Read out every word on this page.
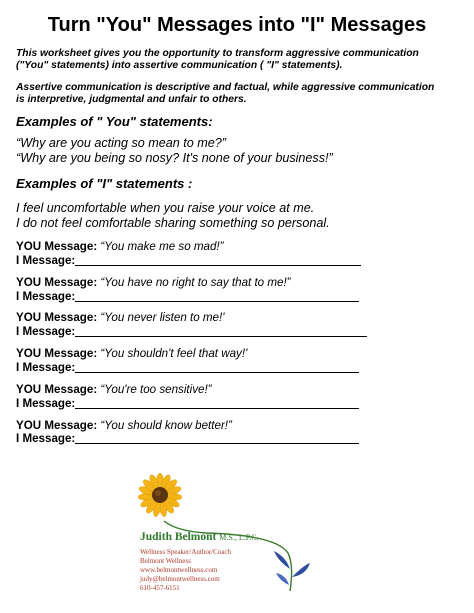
Turn "You" Messages into "I" Messages
This worksheet gives you the opportunity to transform aggressive communication
("You" statements) into assertive communication ( "I" statements).
Assertive communication is descriptive and factual, while aggressive communication
is interpretive, judgmental and unfair to others.
Examples of " You" statements:
“Why are you acting so mean to me?”
“Why are you being so nosy? It's none of your business!”
Examples of "I" statements :
I feel uncomfortable when you raise your voice at me.
I do not feel comfortable sharing something so personal.
YOU Message: “You make me so mad!”
I Message:
YOU Message: “You have no right to say that to me!”
I Message:
YOU Message: “You never listen to me!'
I Message:
YOU Message: “You shouldn't feel that way!'
I Message:
YOU Message: “You're too sensitive!”
I Message:
YOU Message: “You should know better!”
I Message:
Judith Belmont M.S., L.P.C.
Wellness Speaker/Author/Coach
Belmont Wellness
www.belmontwellness.com
judy@belmontwellness.com
610-457-6151
